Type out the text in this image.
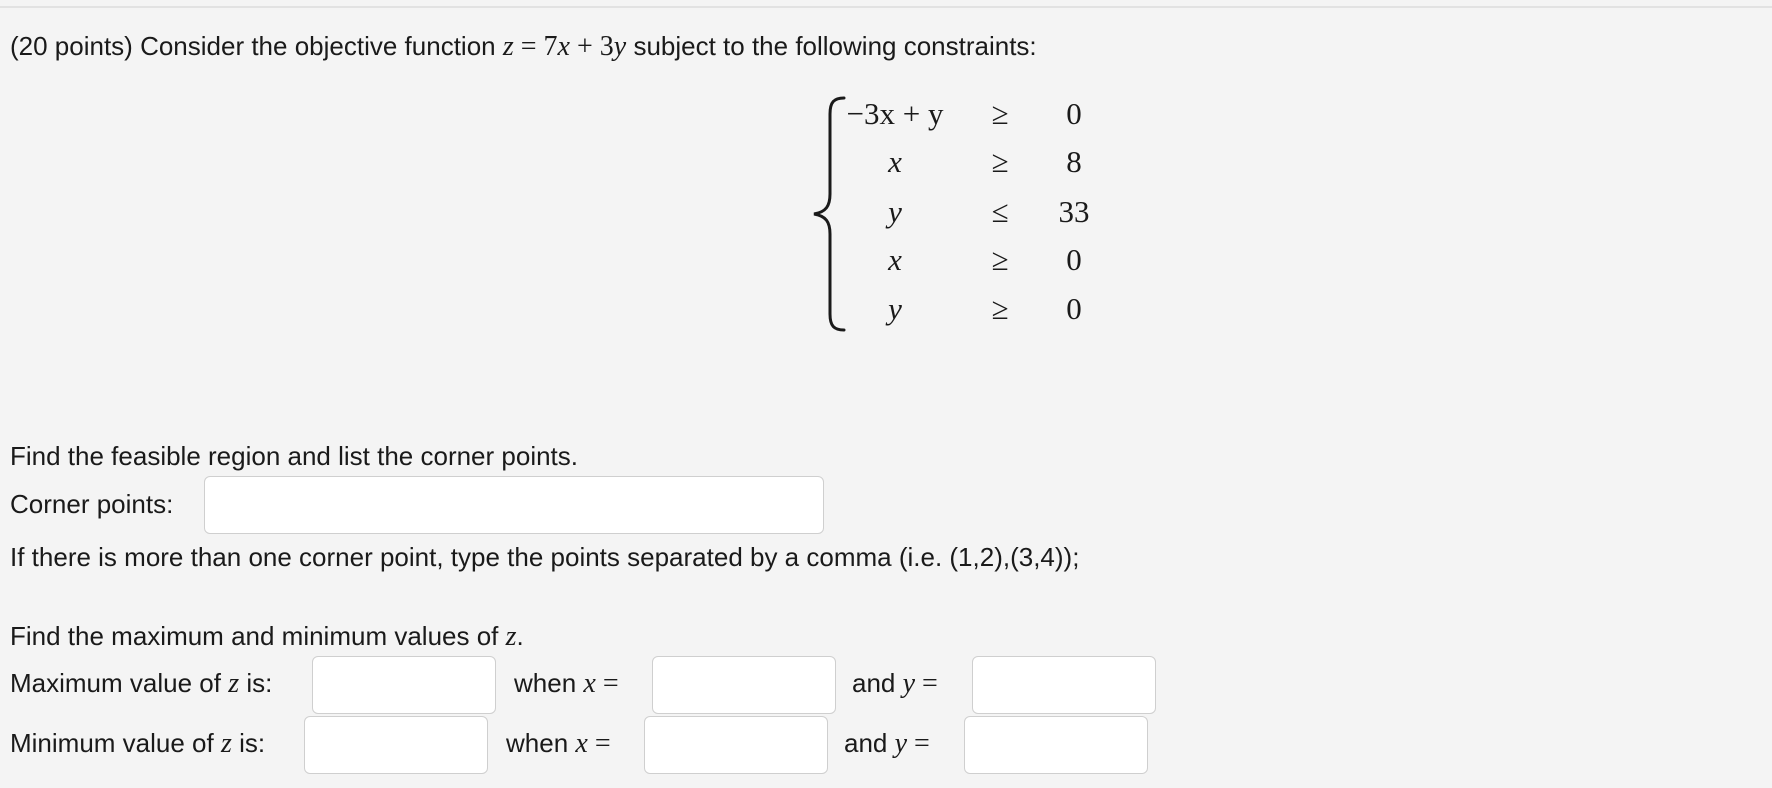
(20 points) Consider the objective function z = 7x + 3y subject to the following constraints:
−3x + y	≥	0
x	≥	8
y	≤	33
x	≥	0
y	≥	0
Find the feasible region and list the corner points.
Corner points:
If there is more than one corner point, type the points separated by a comma (i.e. (1,2),(3,4));
Find the maximum and minimum values of z.
Maximum value of z is:	when x =	and y =
Minimum value of z is:	when x =	and y =
